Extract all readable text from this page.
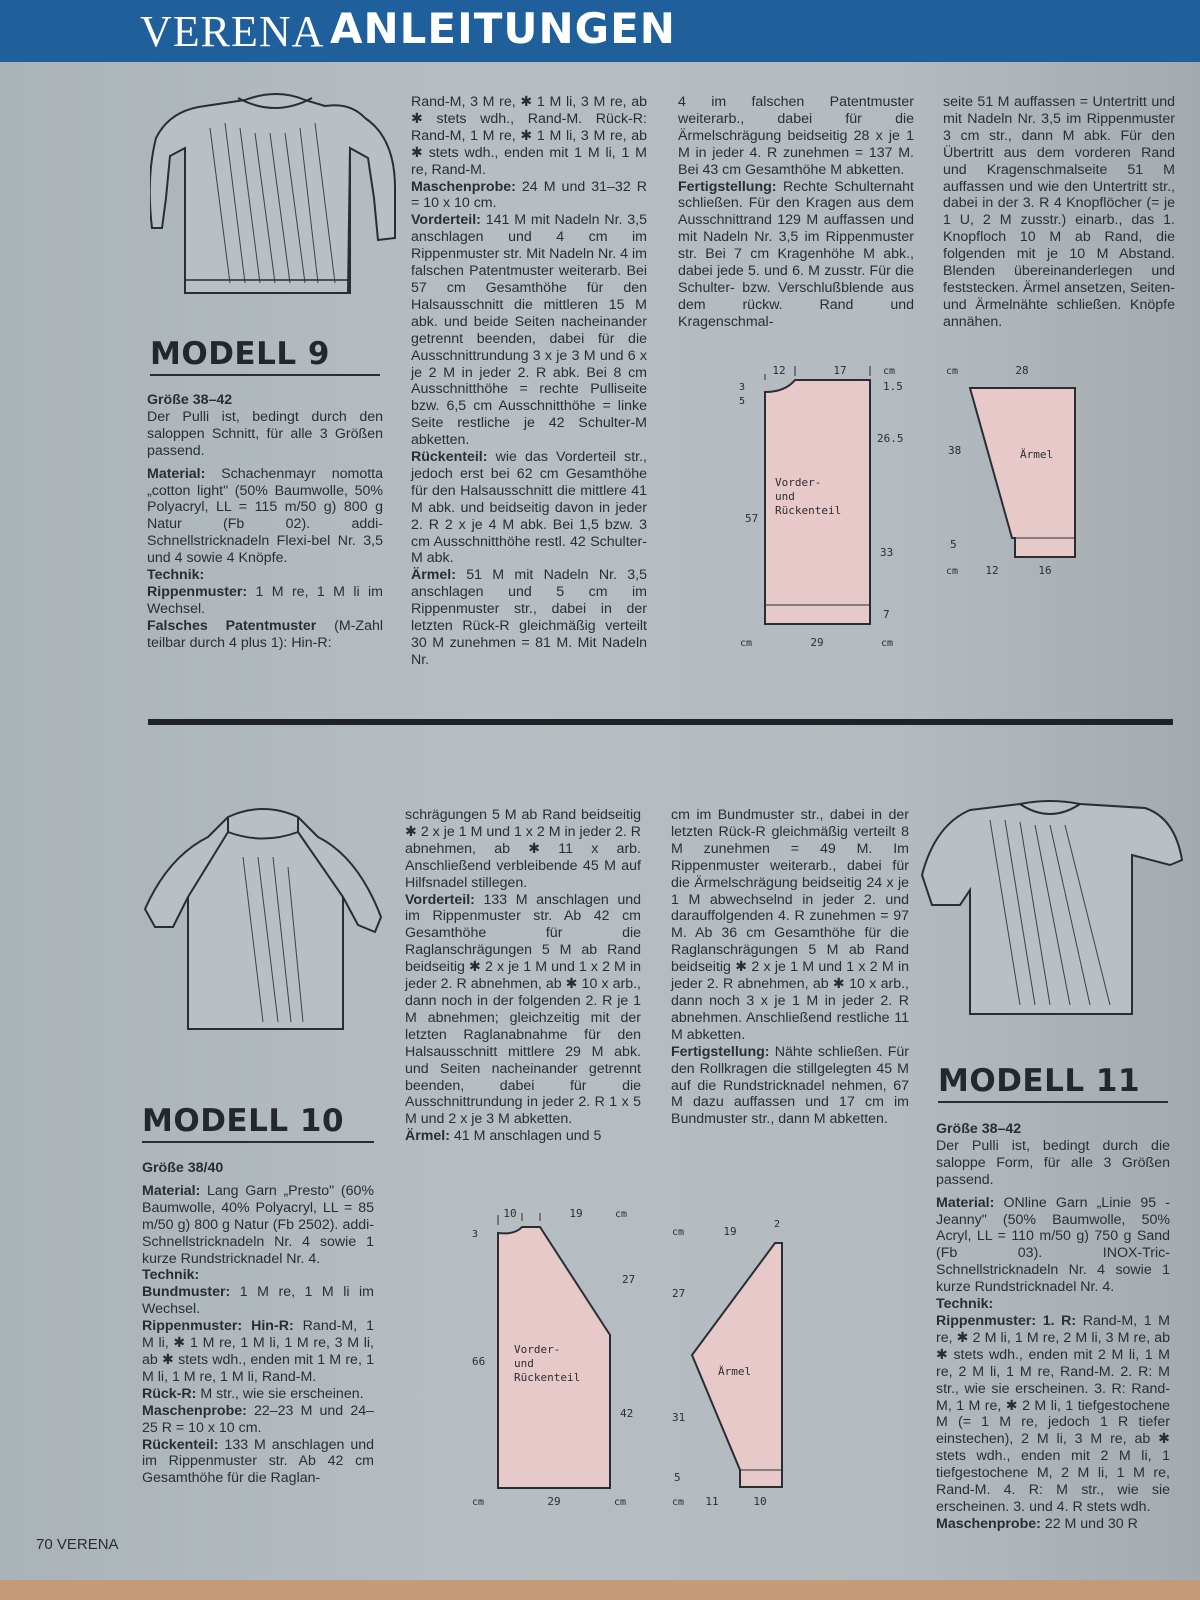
VERENA ANLEITUNGEN
MODELL 9

Größe 38–42

Der Pulli ist, bedingt durch den saloppen Schnitt, für alle 3 Größen passend.

Material: Schachenmayr nomotta „cotton light" (50% Baumwolle, 50% Polyacryl, LL = 115 m/50 g) 800 g Natur (Fb 02). addi-Schnellstricknadeln Flexi-bel Nr. 3,5 und 4 sowie 4 Knöpfe.

Technik:

Rippenmuster: 1 M re, 1 M li im Wechsel.

Falsches Patentmuster (M-Zahl teilbar durch 4 plus 1): Hin-R:

Rand-M, 3 M re, ✱ 1 M li, 3 M re, ab ✱ stets wdh., Rand-M. Rück-R: Rand-M, 1 M re, ✱ 1 M li, 3 M re, ab ✱ stets wdh., enden mit 1 M li, 1 M re, Rand-M.

Maschenprobe: 24 M und 31–32 R = 10 x 10 cm.

Vorderteil: 141 M mit Nadeln Nr. 3,5 anschlagen und 4 cm im Rippenmuster str. Mit Nadeln Nr. 4 im falschen Patentmuster weiterarb. Bei 57 cm Gesamthöhe für den Halsausschnitt die mittleren 15 M abk. und beide Seiten nacheinander getrennt beenden, dabei für die Ausschnittrundung 3 x je 3 M und 6 x je 2 M in jeder 2. R abk. Bei 8 cm Ausschnitthöhe = rechte Pulliseite bzw. 6,5 cm Ausschnitthöhe = linke Seite restliche je 42 Schulter-M abketten.

Rückenteil: wie das Vorderteil str., jedoch erst bei 62 cm Gesamthöhe für den Halsausschnitt die mittlere 41 M abk. und beidseitig davon in jeder 2. R 2 x je 4 M abk. Bei 1,5 bzw. 3 cm Ausschnitthöhe restl. 42 Schulter-M abk.

Ärmel: 51 M mit Nadeln Nr. 3,5 anschlagen und 5 cm im Rippenmuster str., dabei in der letzten Rück-R gleichmäßig verteilt 30 M zunehmen = 81 M. Mit Nadeln Nr.

4 im falschen Patentmuster weiterarb., dabei für die Ärmelschrägung beidseitig 28 x je 1 M in jeder 4. R zunehmen = 137 M. Bei 43 cm Gesamthöhe M abketten.

Fertigstellung: Rechte Schulternaht schließen. Für den Kragen aus dem Ausschnittrand 129 M auffassen und mit Nadeln Nr. 3,5 im Rippenmuster str. Bei 7 cm Kragenhöhe M abk., dabei jede 5. und 6. M zusstr. Für die Schulter- bzw. Verschlußblende aus dem rückw. Rand und Kragenschmal-

seite 51 M auffassen = Untertritt und mit Nadeln Nr. 3,5 im Rippenmuster 3 cm str., dann M abk. Für den Übertritt aus dem vorderen Rand und Kragenschmalseite 51 M auffassen und wie den Untertritt str., dabei in der 3. R 4 Knopflöcher (= je 1 U, 2 M zusstr.) einarb., das 1. Knopfloch 10 M ab Rand, die folgenden mit je 10 M Abstand. Blenden übereinanderlegen und feststecken. Ärmel ansetzen, Seiten- und Ärmelnähte schließen. Knöpfe annähen.

12	17	cm
1.5
26.5
33
7
cm
3
5
57
cm	29
Vorder-
und
Rückenteil
cm	28
38
5
cm 12	16
Ärmel
MODELL 10

Größe 38/40

Material: Lang Garn „Presto" (60% Baumwolle, 40% Polyacryl, LL = 85 m/50 g) 800 g Natur (Fb 2502). addi-Schnellstricknadeln Nr. 4 sowie 1 kurze Rundstricknadel Nr. 4.

Technik:

Bundmuster: 1 M re, 1 M li im Wechsel.

Rippenmuster: Hin-R: Rand-M, 1 M li, ✱ 1 M re, 1 M li, 1 M re, 3 M li, ab ✱ stets wdh., enden mit 1 M re, 1 M li, 1 M re, 1 M li, Rand-M.

Rück-R: M str., wie sie erscheinen.

Maschenprobe: 22–23 M und 24–25 R = 10 x 10 cm.

Rückenteil: 133 M anschlagen und im Rippenmuster str. Ab 42 cm Gesamthöhe für die Raglan-

schrägungen 5 M ab Rand beidseitig ✱ 2 x je 1 M und 1 x 2 M in jeder 2. R abnehmen, ab ✱ 11 x arb. Anschließend verbleibende 45 M auf Hilfsnadel stillegen.

Vorderteil: 133 M anschlagen und im Rippenmuster str. Ab 42 cm Gesamthöhe für die Raglanschrägungen 5 M ab Rand beidseitig ✱ 2 x je 1 M und 1 x 2 M in jeder 2. R abnehmen, ab ✱ 10 x arb., dann noch in der folgenden 2. R je 1 M abnehmen; gleichzeitig mit der letzten Raglanabnahme für den Halsausschnitt mittlere 29 M abk. und Seiten nacheinander getrennt beenden, dabei für die Ausschnittrundung in jeder 2. R 1 x 5 M und 2 x je 3 M abketten.

Ärmel: 41 M anschlagen und 5

cm im Bundmuster str., dabei in der letzten Rück-R gleichmäßig verteilt 8 M zunehmen = 49 M. Im Rippenmuster weiterarb., dabei für die Ärmelschrägung beidseitig 24 x je 1 M abwechselnd in jeder 2. und darauffolgenden 4. R zunehmen = 97 M. Ab 36 cm Gesamthöhe für die Raglanschrägungen 5 M ab Rand beidseitig ✱ 2 x je 1 M und 1 x 2 M in jeder 2. R abnehmen, ab ✱ 10 x arb., dann noch 3 x je 1 M in jeder 2. R abnehmen. Anschließend restliche 11 M abketten.

Fertigstellung: Nähte schließen. Für den Rollkragen die stillgelegten 45 M auf die Rundstricknadel nehmen, 67 M dazu auffassen und 17 cm im Bundmuster str., dann M abketten.

10	19	cm
27
42
3
66
cm	29	cm
Vorder-
und
Rückenteil
cm	19
2
27
31
5
cm 11	10
Ärmel
MODELL 11

Größe 38–42

Der Pulli ist, bedingt durch die saloppe Form, für alle 3 Größen passend.

Material: ONline Garn „Linie 95 - Jeanny" (50% Baumwolle, 50% Acryl, LL = 110 m/50 g) 750 g Sand (Fb 03). INOX-Tric-Schnellstricknadeln Nr. 4 sowie 1 kurze Rundstricknadel Nr. 4.

Technik:

Rippenmuster: 1. R: Rand-M, 1 M re, ✱ 2 M li, 1 M re, 2 M li, 3 M re, ab ✱ stets wdh., enden mit 2 M li, 1 M re, 2 M li, 1 M re, Rand-M. 2. R: M str., wie sie erscheinen. 3. R: Rand-M, 1 M re, ✱ 2 M li, 1 tiefgestochene M (= 1 M re, jedoch 1 R tiefer einstechen), 2 M li, 3 M re, ab ✱ stets wdh., enden mit 2 M li, 1 tiefgestochene M, 2 M li, 1 M re, Rand-M. 4. R: M str., wie sie erscheinen. 3. und 4. R stets wdh.

Maschenprobe: 22 M und 30 R

70 VERENA
